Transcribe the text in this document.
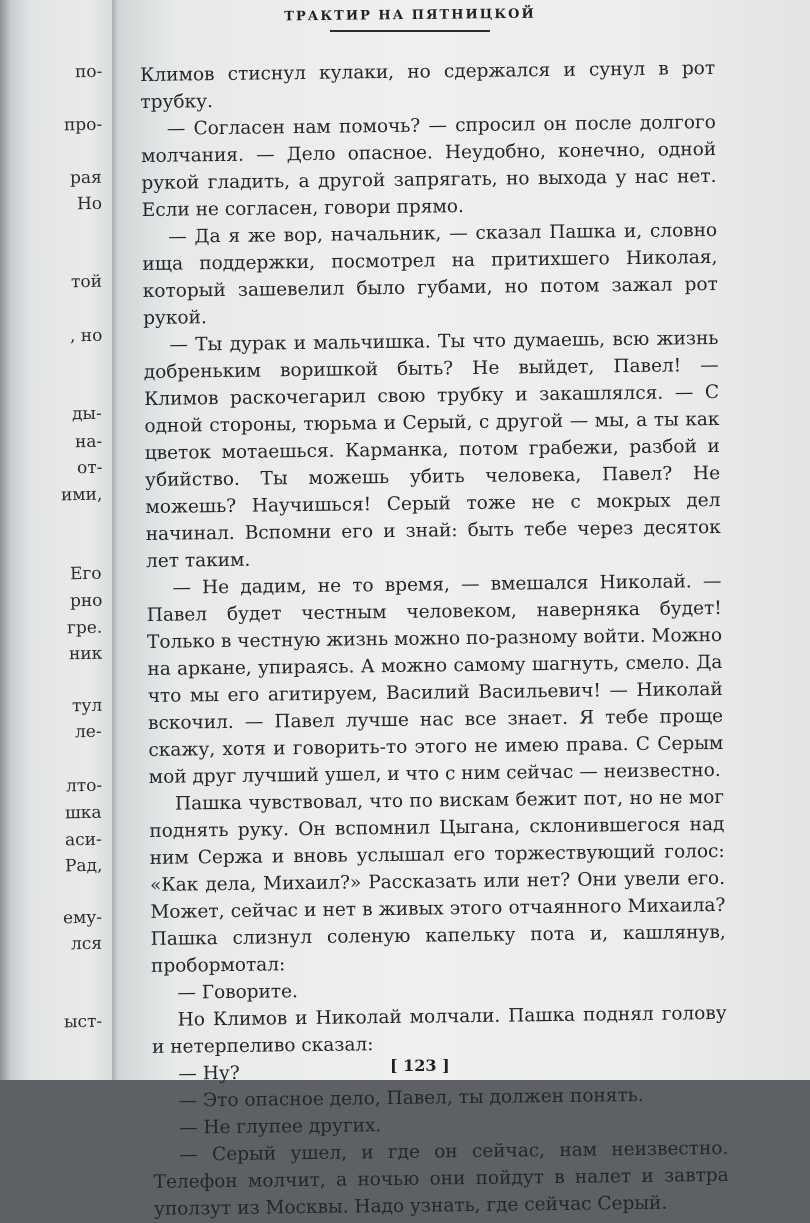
по-
про-
рая
Но
той
, но
ды-
на-
от-
ими,
Его
рно
гре.
ник
тул
ле-
лто-
шка
аси-
Рад,
ему-
лся
ыст-
ТРАКТИР НА ПЯТНИЦКОЙ

Климов стиснул кулаки, но сдержался и сунул в рот трубку.

— Согласен нам помочь? — спросил он после долгого молчания. — Дело опасное. Неудобно, конечно, одной рукой гладить, а другой запрягать, но выхода у нас нет. Если не согласен, говори прямо.

— Да я же вор, начальник, — сказал Пашка и, словно ища поддержки, посмотрел на притихшего Николая, который зашевелил было губами, но потом зажал рот рукой.

— Ты дурак и мальчишка. Ты что думаешь, всю жизнь добреньким воришкой быть? Не выйдет, Павел! — Климов раскочегарил свою трубку и закашлялся. — С одной стороны, тюрьма и Серый, с другой — мы, а ты как цветок мотаешься. Карманка, потом грабежи, разбой и убийство. Ты можешь убить человека, Павел? Не можешь? Научишься! Серый тоже не с мокрых дел начинал. Вспомни его и знай: быть тебе через десяток лет таким.

— Не дадим, не то время, — вмешался Николай. — Павел будет честным человеком, наверняка будет! Только в честную жизнь можно по-разному войти. Можно на аркане, упираясь. А можно самому шагнуть, смело. Да что мы его агитируем, Василий Васильевич! — Николай вскочил. — Павел лучше нас все знает. Я тебе проще скажу, хотя и говорить-то этого не имею права. С Серым мой друг лучший ушел, и что с ним сейчас — неизвестно.

Пашка чувствовал, что по вискам бежит пот, но не мог поднять руку. Он вспомнил Цыгана, склонившегося над ним Сержа и вновь услышал его торжествующий голос: «Как дела, Михаил?» Рассказать или нет? Они увели его. Может, сейчас и нет в живых этого отчаянного Михаила? Пашка слизнул соленую капельку пота и, кашлянув, пробормотал:

— Говорите.

Но Климов и Николай молчали. Пашка поднял голову и нетерпеливо сказал:

— Ну?

— Это опасное дело, Павел, ты должен понять.

— Не глупее других.

— Серый ушел, и где он сейчас, нам неизвестно. Телефон молчит, а ночью они пойдут в налет и завтра уползут из Москвы. Надо узнать, где сейчас Серый.

[ 123 ]
